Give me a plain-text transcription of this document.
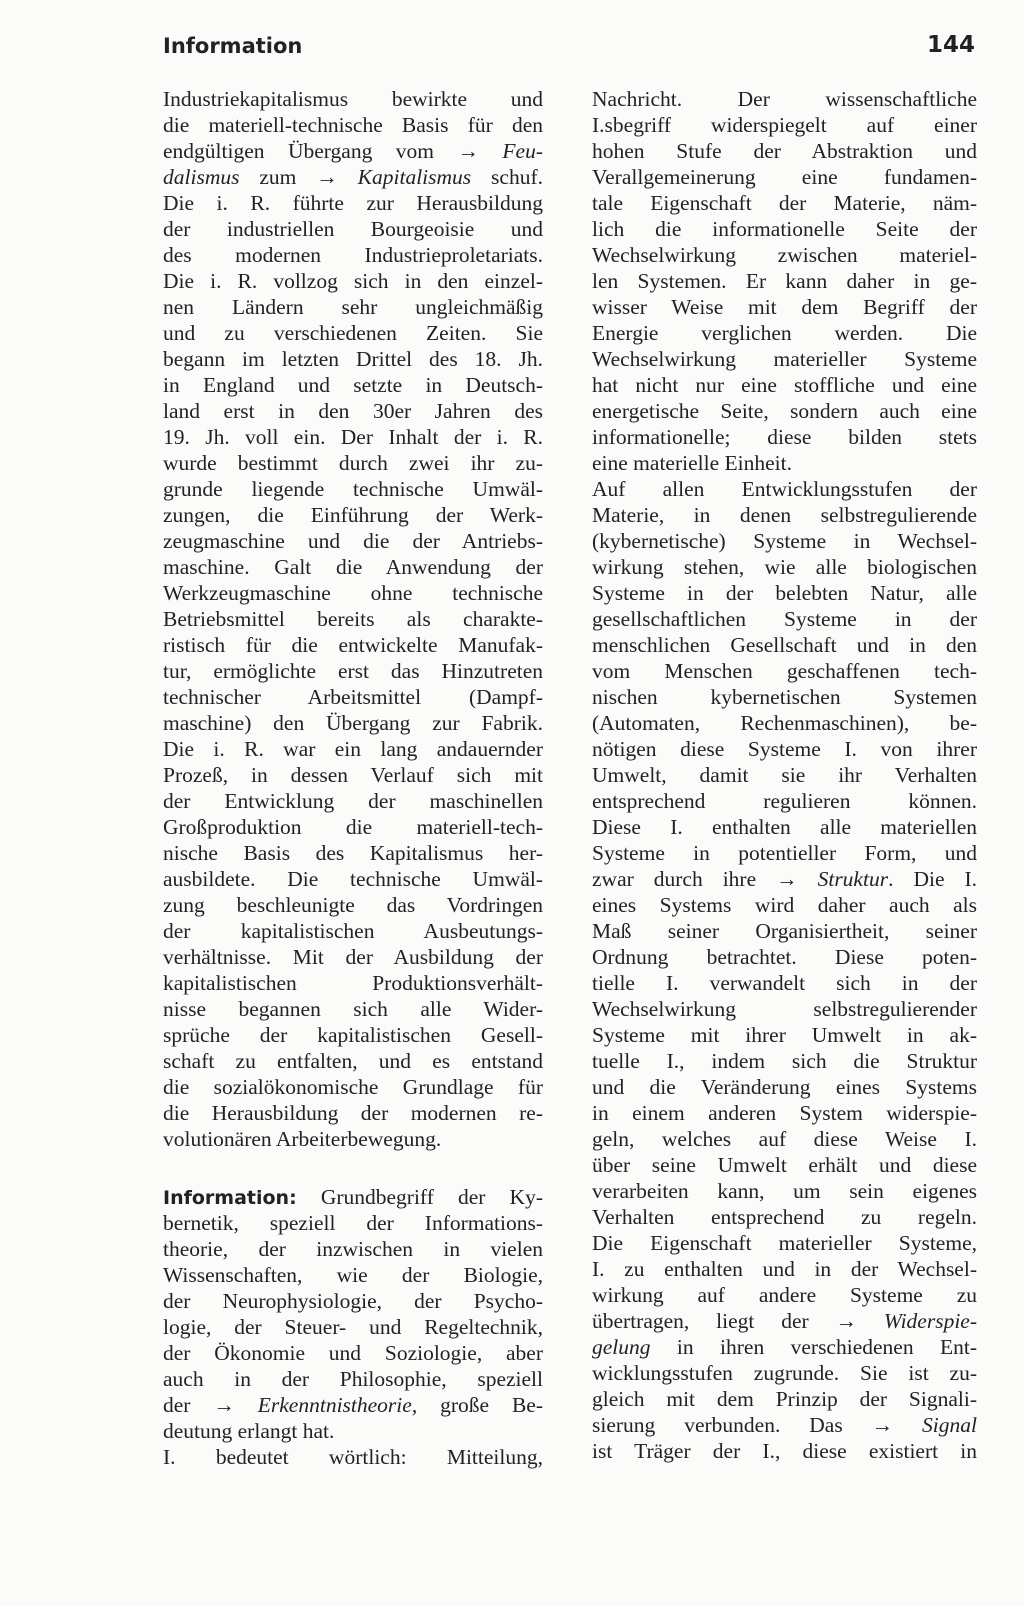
Information	144
Industriekapitalismus bewirkte und
die materiell-technische Basis für den
endgültigen Übergang vom → Feu-
dalismus zum → Kapitalismus schuf.
Die i. R. führte zur Herausbildung
der industriellen Bourgeoisie und
des modernen Industrieproletariats.
Die i. R. vollzog sich in den einzel-
nen Ländern sehr ungleichmäßig
und zu verschiedenen Zeiten. Sie
begann im letzten Drittel des 18. Jh.
in England und setzte in Deutsch-
land erst in den 30er Jahren des
19. Jh. voll ein. Der Inhalt der i. R.
wurde bestimmt durch zwei ihr zu-
grunde liegende technische Umwäl-
zungen, die Einführung der Werk-
zeugmaschine und die der Antriebs-
maschine. Galt die Anwendung der
Werkzeugmaschine ohne technische
Betriebsmittel bereits als charakte-
ristisch für die entwickelte Manufak-
tur, ermöglichte erst das Hinzutreten
technischer Arbeitsmittel (Dampf-
maschine) den Übergang zur Fabrik.
Die i. R. war ein lang andauernder
Prozeß, in dessen Verlauf sich mit
der Entwicklung der maschinellen
Großproduktion die materiell-tech-
nische Basis des Kapitalismus her-
ausbildete. Die technische Umwäl-
zung beschleunigte das Vordringen
der kapitalistischen Ausbeutungs-
verhältnisse. Mit der Ausbildung der
kapitalistischen Produktionsverhält-
nisse begannen sich alle Wider-
sprüche der kapitalistischen Gesell-
schaft zu entfalten, und es entstand
die sozialökonomische Grundlage für
die Herausbildung der modernen re-
volutionären Arbeiterbewegung.
Information: Grundbegriff der Ky-
bernetik, speziell der Informations-
theorie, der inzwischen in vielen
Wissenschaften, wie der Biologie,
der Neurophysiologie, der Psycho-
logie, der Steuer- und Regeltechnik,
der Ökonomie und Soziologie, aber
auch in der Philosophie, speziell
der → Erkenntnistheorie, große Be-
deutung erlangt hat.
I. bedeutet wörtlich: Mitteilung,
Nachricht. Der wissenschaftliche
I.sbegriff widerspiegelt auf einer
hohen Stufe der Abstraktion und
Verallgemeinerung eine fundamen-
tale Eigenschaft der Materie, näm-
lich die informationelle Seite der
Wechselwirkung zwischen materiel-
len Systemen. Er kann daher in ge-
wisser Weise mit dem Begriff der
Energie verglichen werden. Die
Wechselwirkung materieller Systeme
hat nicht nur eine stoffliche und eine
energetische Seite, sondern auch eine
informationelle; diese bilden stets
eine materielle Einheit.
Auf allen Entwicklungsstufen der
Materie, in denen selbstregulierende
(kybernetische) Systeme in Wechsel-
wirkung stehen, wie alle biologischen
Systeme in der belebten Natur, alle
gesellschaftlichen Systeme in der
menschlichen Gesellschaft und in den
vom Menschen geschaffenen tech-
nischen kybernetischen Systemen
(Automaten, Rechenmaschinen), be-
nötigen diese Systeme I. von ihrer
Umwelt, damit sie ihr Verhalten
entsprechend regulieren können.
Diese I. enthalten alle materiellen
Systeme in potentieller Form, und
zwar durch ihre → Struktur. Die I.
eines Systems wird daher auch als
Maß seiner Organisiertheit, seiner
Ordnung betrachtet. Diese poten-
tielle I. verwandelt sich in der
Wechselwirkung selbstregulierender
Systeme mit ihrer Umwelt in ak-
tuelle I., indem sich die Struktur
und die Veränderung eines Systems
in einem anderen System widerspie-
geln, welches auf diese Weise I.
über seine Umwelt erhält und diese
verarbeiten kann, um sein eigenes
Verhalten entsprechend zu regeln.
Die Eigenschaft materieller Systeme,
I. zu enthalten und in der Wechsel-
wirkung auf andere Systeme zu
übertragen, liegt der → Widerspie-
gelung in ihren verschiedenen Ent-
wicklungsstufen zugrunde. Sie ist zu-
gleich mit dem Prinzip der Signali-
sierung verbunden. Das → Signal
ist Träger der I., diese existiert in
